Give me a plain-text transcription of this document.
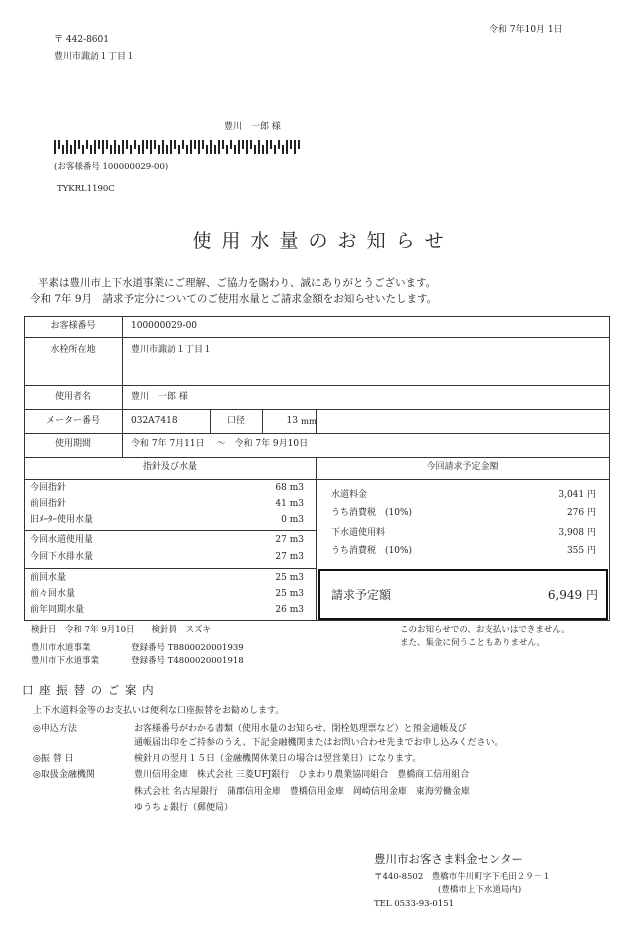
令和 7年10月 1日
〒 442-8601
豊川市諏訪１丁目１
豊川　一郎 様
(お客様番号 100000029-00)
TYKRL1190C
使 用 水 量 の お 知 ら せ
平素は豊川市上下水道事業にご理解、ご協力を賜わり、誠にありがとうございます。
令和 7年 9月　請求予定分についてのご使用水量とご請求金額をお知らせいたします。
お客様番号	100000029-00
水栓所在地	豊川市諏訪１丁目１
使用者名	豊川　一郎 様
メーター番号	032A7418	口径	13 mm
使用期間	令和 7年 7月11日　 〜　令和 7年 9月10日
指針及び水量	今回請求予定金額
今回指針	68 m3
前回指針	41 m3
旧ﾒｰﾀｰ使用水量	0 m3
今回水道使用量	27 m3
今回下水排水量	27 m3
前回水量	25 m3
前々回水量	25 m3
前年同期水量	26 m3
水道料金	3,041 円
うち消費税　(10%)	276 円
下水道使用料	3,908 円
うち消費税　(10%)	355 円
請求予定額	6,949 円
検針日　令和 7年 9月10日　　検針員　スズキ
豊川市水道事業	登録番号 T8800020001939
豊川市下水道事業	登録番号 T4800020001918
このお知らせでの、お支払いはできません。
また、集金に伺うこともありません。
口 座 振 替 の ご 案 内
上下水道料金等のお支払いは便利な口座振替をお勧めします。
◎申込方法	お客様番号がわかる書類（使用水量のお知らせ、閉栓処理票など）と預金通帳及び
通帳届出印をご持参のうえ、下記金融機関またはお問い合わせ先までお申し込みください。
◎振 替 日	検針月の翌月１５日（金融機関休業日の場合は翌営業日）になります。
◎取扱金融機関	豊川信用金庫　株式会社 三菱UFJ銀行　ひまわり農業協同組合　豊橋商工信用組合
株式会社 名古屋銀行　蒲郡信用金庫　豊橋信用金庫　岡崎信用金庫　東海労働金庫
ゆうちょ銀行（郵便局）
豊川市お客さま料金センター
〒440-8502　豊橋市牛川町字下毛田２９－１
(豊橋市上下水道局内)
TEL 0533-93-0151
